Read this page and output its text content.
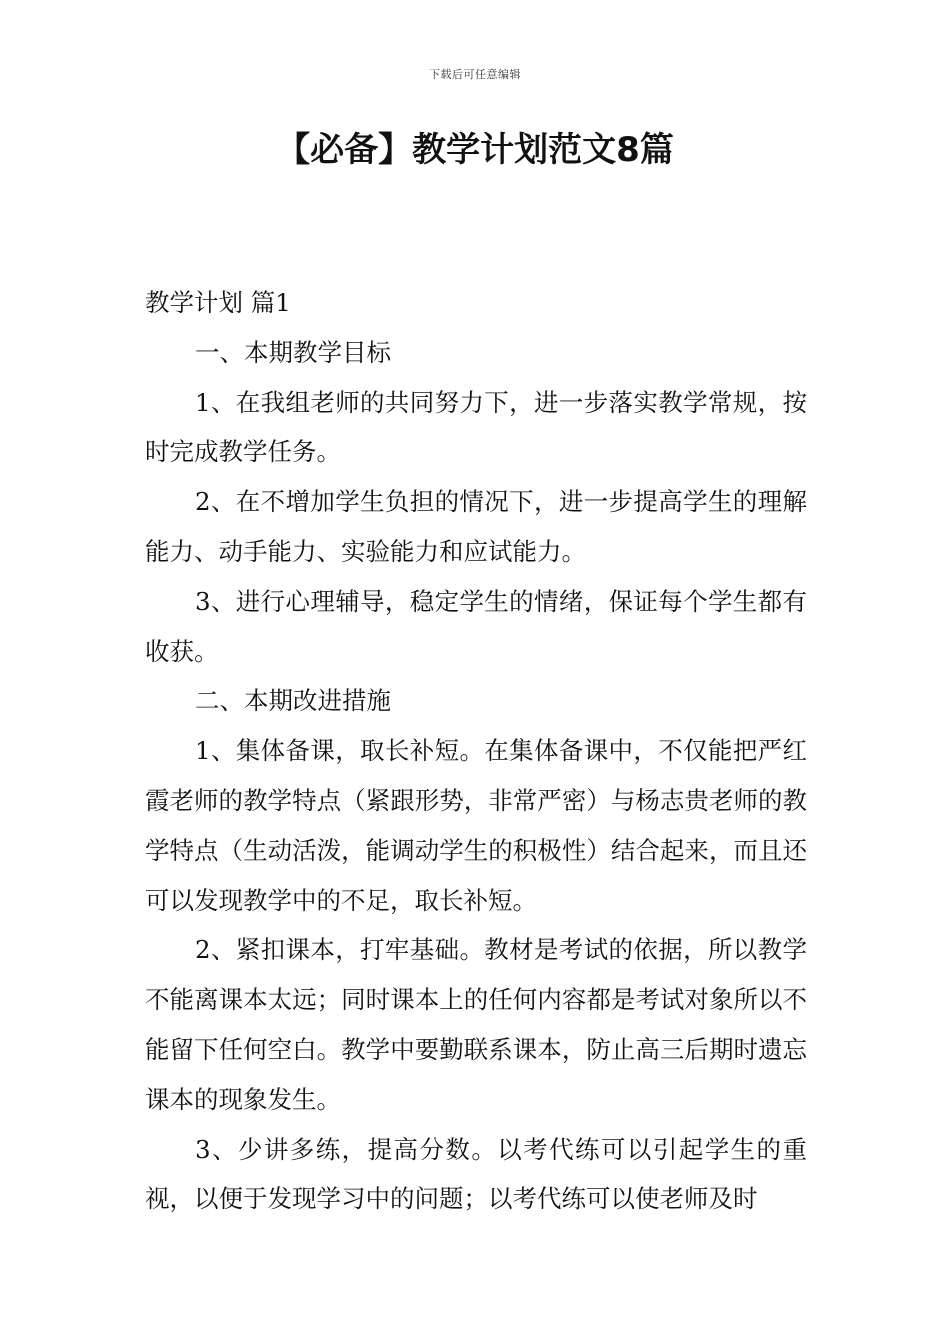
下载后可任意编辑
【必备】教学计划范文8篇

教学计划 篇1

一、本期教学目标

1、在我组老师的共同努力下，进一步落实教学常规，按时完成教学任务。

2、在不增加学生负担的情况下，进一步提高学生的理解能力、动手能力、实验能力和应试能力。

3、进行心理辅导，稳定学生的情绪，保证每个学生都有收获。

二、本期改进措施

1、集体备课，取长补短。在集体备课中，不仅能把严红霞老师的教学特点（紧跟形势，非常严密）与杨志贵老师的教学特点（生动活泼，能调动学生的积极性）结合起来，而且还可以发现教学中的不足，取长补短。

2、紧扣课本，打牢基础。教材是考试的依据，所以教学不能离课本太远；同时课本上的任何内容都是考试对象所以不能留下任何空白。教学中要勤联系课本，防止高三后期时遗忘课本的现象发生。

3、少讲多练，提高分数。以考代练可以引起学生的重视，以便于发现学习中的问题；以考代练可以使老师及时
